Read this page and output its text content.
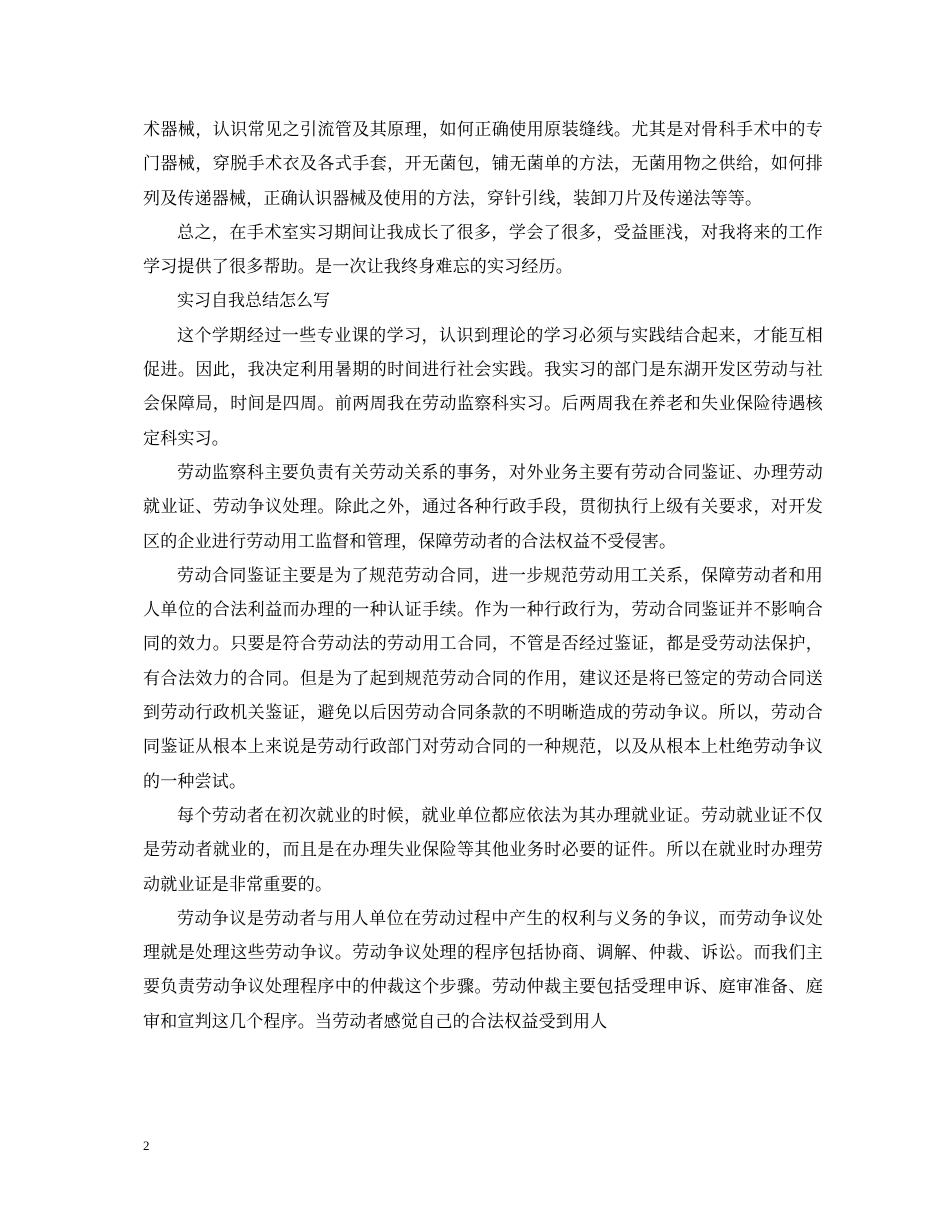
术器械，认识常见之引流管及其原理，如何正确使用原装缝线。尤其是对骨科手术中的专门器械，穿脱手术衣及各式手套，开无菌包，铺无菌单的方法，无菌用物之供给，如何排列及传递器械，正确认识器械及使用的方法，穿针引线，装卸刀片及传递法等等。

总之，在手术室实习期间让我成长了很多，学会了很多，受益匪浅，对我将来的工作学习提供了很多帮助。是一次让我终身难忘的实习经历。

实习自我总结怎么写

这个学期经过一些专业课的学习，认识到理论的学习必须与实践结合起来，才能互相促进。因此，我决定利用暑期的时间进行社会实践。我实习的部门是东湖开发区劳动与社会保障局，时间是四周。前两周我在劳动监察科实习。后两周我在养老和失业保险待遇核定科实习。

劳动监察科主要负责有关劳动关系的事务，对外业务主要有劳动合同鉴证、办理劳动就业证、劳动争议处理。除此之外，通过各种行政手段，贯彻执行上级有关要求，对开发区的企业进行劳动用工监督和管理，保障劳动者的合法权益不受侵害。

劳动合同鉴证主要是为了规范劳动合同，进一步规范劳动用工关系，保障劳动者和用人单位的合法利益而办理的一种认证手续。作为一种行政行为，劳动合同鉴证并不影响合同的效力。只要是符合劳动法的劳动用工合同，不管是否经过鉴证，都是受劳动法保护，有合法效力的合同。但是为了起到规范劳动合同的作用，建议还是将已签定的劳动合同送到劳动行政机关鉴证，避免以后因劳动合同条款的不明晰造成的劳动争议。所以，劳动合同鉴证从根本上来说是劳动行政部门对劳动合同的一种规范，以及从根本上杜绝劳动争议的一种尝试。

每个劳动者在初次就业的时候，就业单位都应依法为其办理就业证。劳动就业证不仅是劳动者就业的，而且是在办理失业保险等其他业务时必要的证件。所以在就业时办理劳动就业证是非常重要的。

劳动争议是劳动者与用人单位在劳动过程中产生的权利与义务的争议，而劳动争议处理就是处理这些劳动争议。劳动争议处理的程序包括协商、调解、仲裁、诉讼。而我们主要负责劳动争议处理程序中的仲裁这个步骤。劳动仲裁主要包括受理申诉、庭审准备、庭审和宣判这几个程序。当劳动者感觉自己的合法权益受到用人

2
